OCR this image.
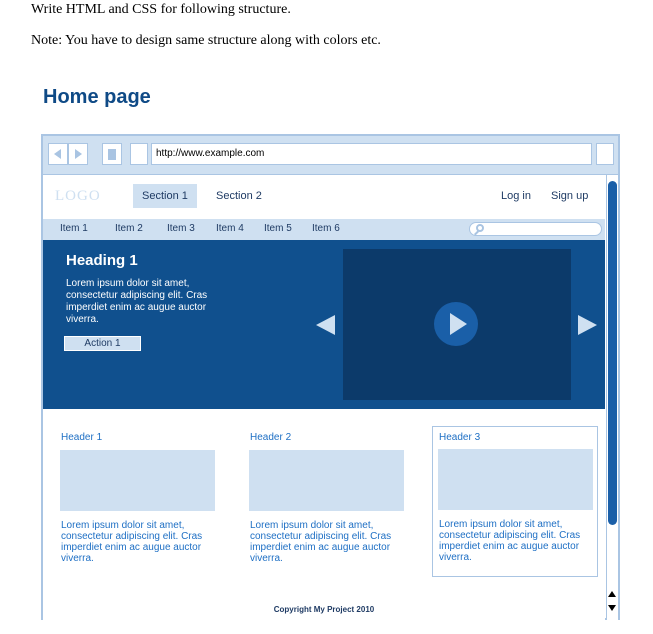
Write HTML and CSS for following structure.
Note: You have to design same structure along with colors etc.
Home page
http://www.example.com
LOGO	Section 1	Section 2	Log in Sign up
Item 1	Item 2 Item 3 Item 4 Item 5 Item 6
Heading 1
Lorem ipsum dolor sit amet, consectetur adipiscing elit. Cras imperdiet enim ac augue auctor viverra.
Action 1
Header 1
Lorem ipsum dolor sit amet, consectetur adipiscing elit. Cras imperdiet enim ac augue auctor viverra.
Header 2
Lorem ipsum dolor sit amet, consectetur adipiscing elit. Cras imperdiet enim ac augue auctor viverra.
Header 3
Lorem ipsum dolor sit amet, consectetur adipiscing elit. Cras imperdiet enim ac augue auctor viverra.
Copyright My Project 2010
